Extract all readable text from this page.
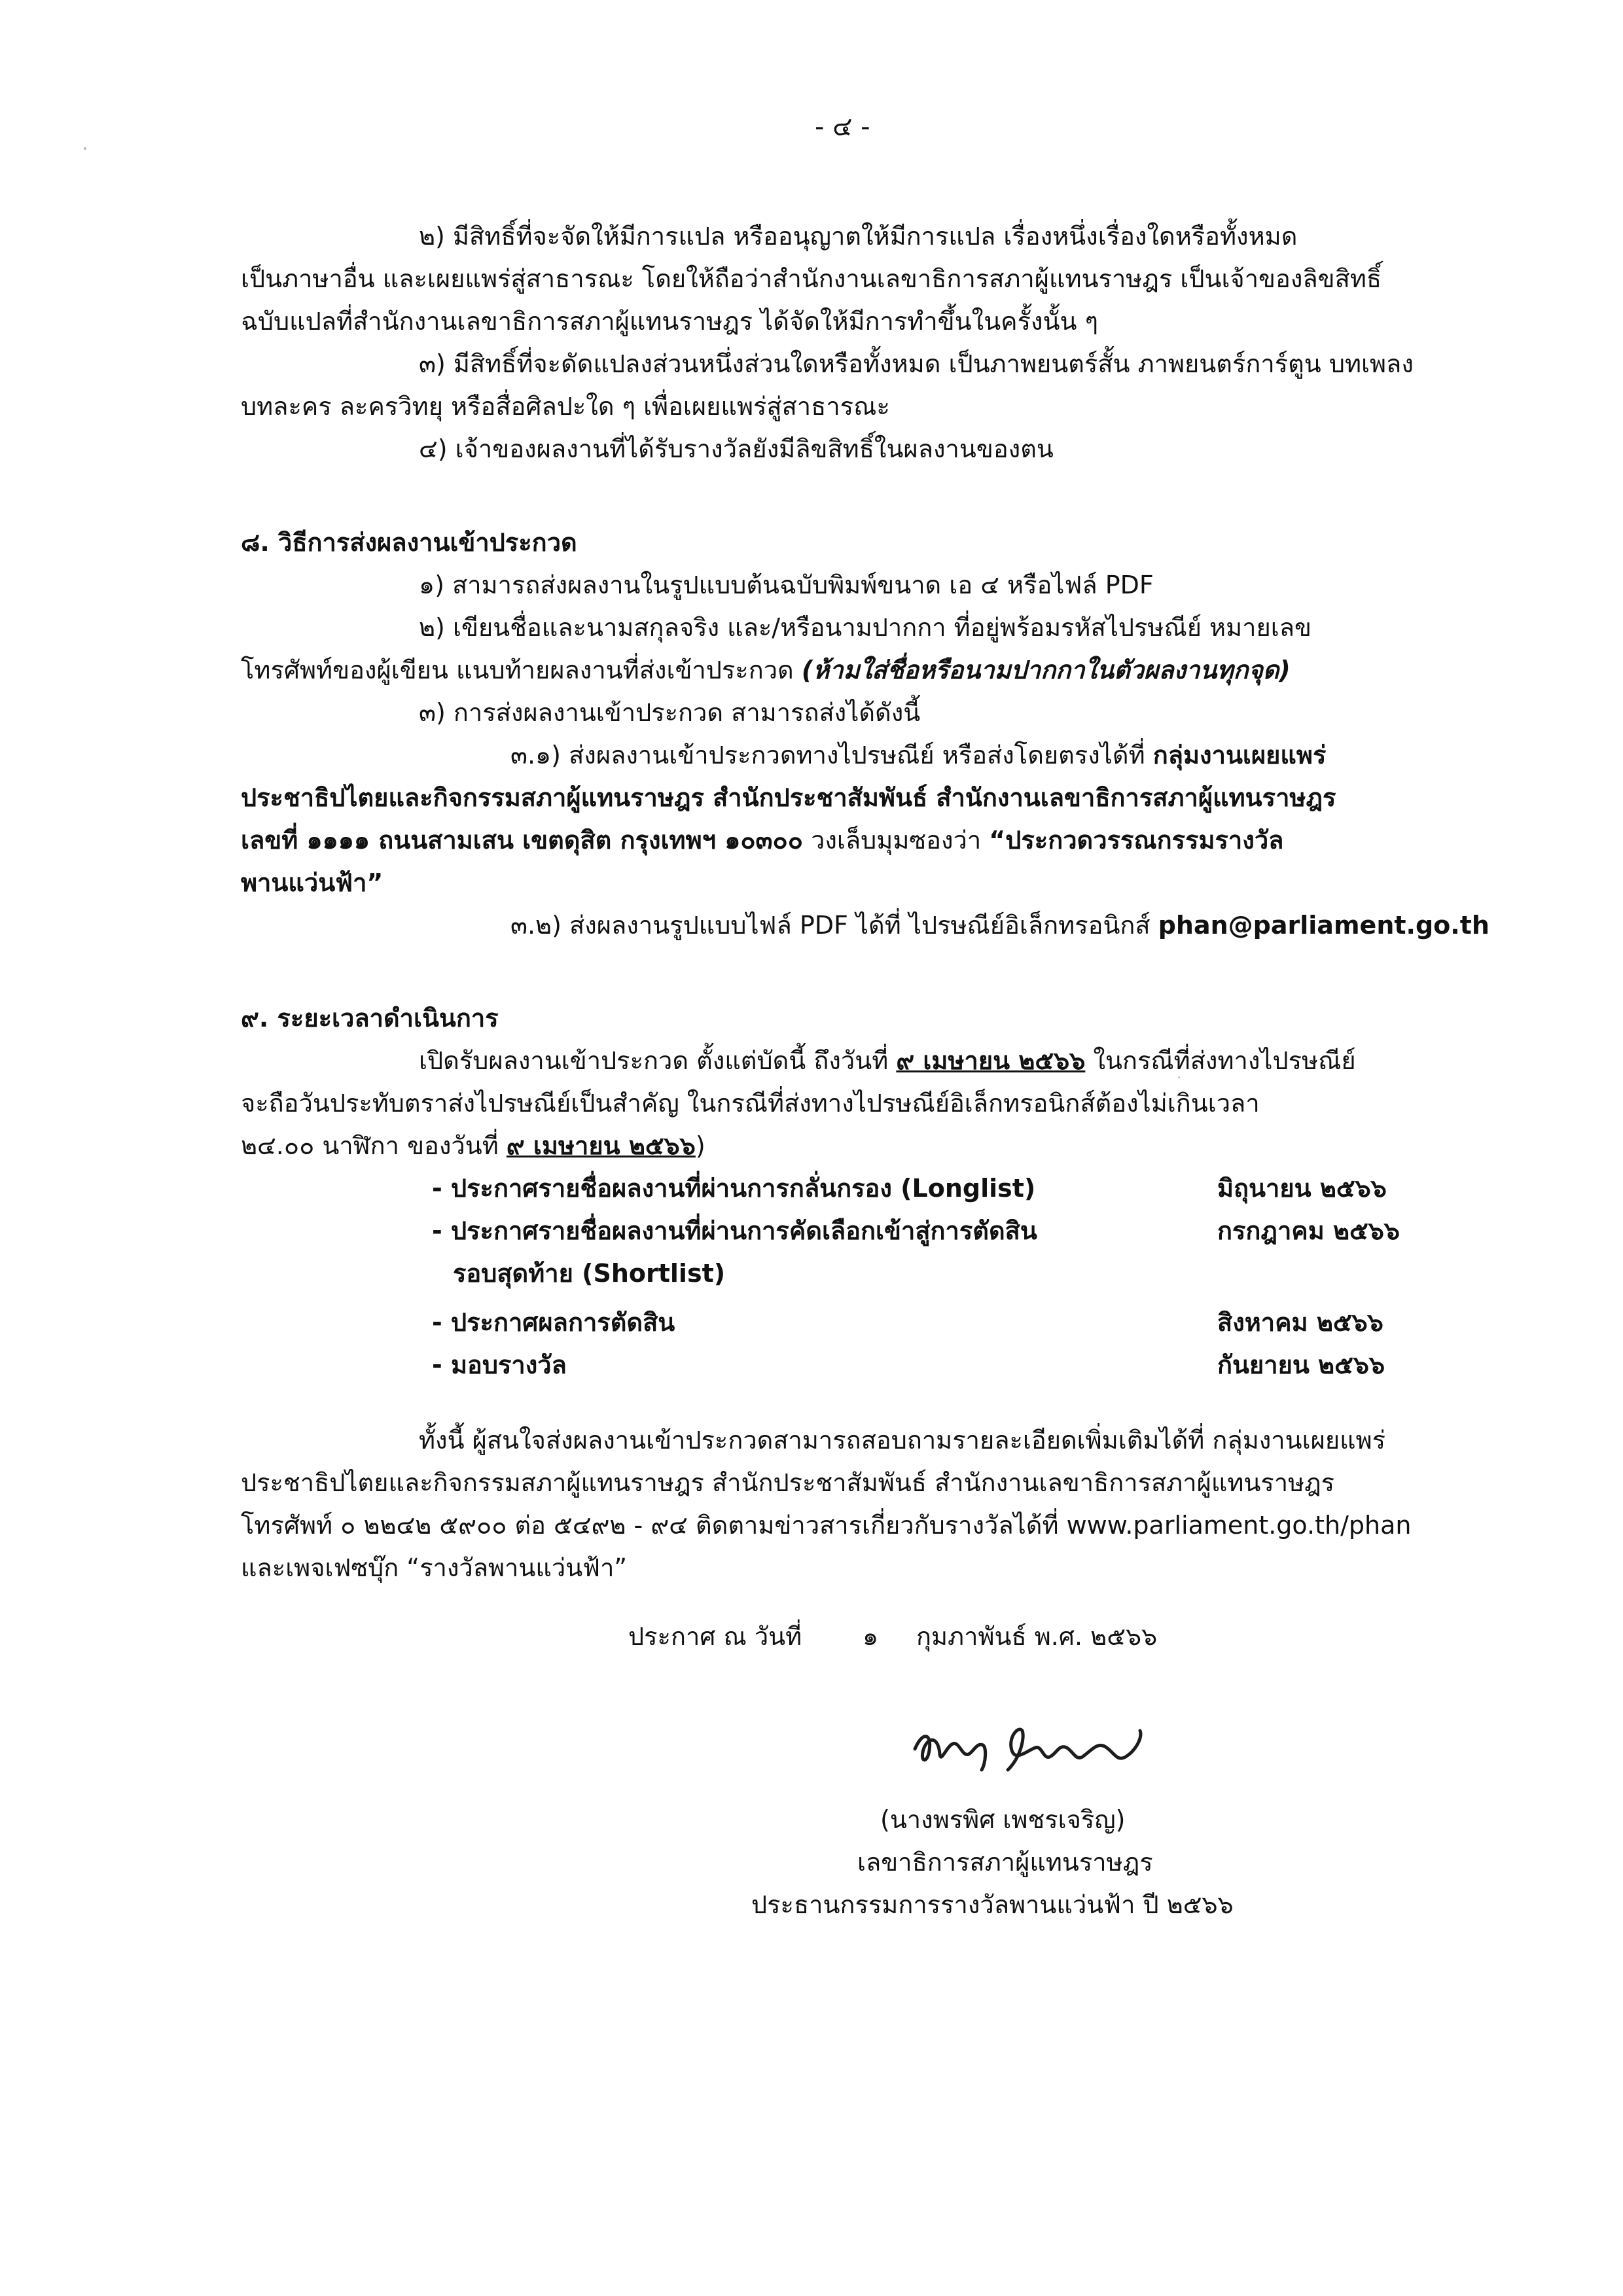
- ๔ -
๒) มีสิทธิ์ที่จะจัดให้มีการแปล หรืออนุญาตให้มีการแปล เรื่องหนึ่งเรื่องใดหรือทั้งหมด
เป็นภาษาอื่น และเผยแพร่สู่สาธารณะ โดยให้ถือว่าสำนักงานเลขาธิการสภาผู้แทนราษฎร เป็นเจ้าของลิขสิทธิ์
ฉบับแปลที่สำนักงานเลขาธิการสภาผู้แทนราษฎร ได้จัดให้มีการทำขึ้นในครั้งนั้น ๆ
๓) มีสิทธิ์ที่จะดัดแปลงส่วนหนึ่งส่วนใดหรือทั้งหมด เป็นภาพยนตร์สั้น ภาพยนตร์การ์ตูน บทเพลง
บทละคร ละครวิทยุ หรือสื่อศิลปะใด ๆ เพื่อเผยแพร่สู่สาธารณะ
๔) เจ้าของผลงานที่ได้รับรางวัลยังมีลิขสิทธิ์ในผลงานของตน
๘. วิธีการส่งผลงานเข้าประกวด
๑) สามารถส่งผลงานในรูปแบบต้นฉบับพิมพ์ขนาด เอ ๔ หรือไฟล์ PDF
๒) เขียนชื่อและนามสกุลจริง และ/หรือนามปากกา ที่อยู่พร้อมรหัสไปรษณีย์ หมายเลข
โทรศัพท์ของผู้เขียน แนบท้ายผลงานที่ส่งเข้าประกวด (ห้ามใส่ชื่อหรือนามปากกาในตัวผลงานทุกจุด)
๓) การส่งผลงานเข้าประกวด สามารถส่งได้ดังนี้
๓.๑) ส่งผลงานเข้าประกวดทางไปรษณีย์ หรือส่งโดยตรงได้ที่ กลุ่มงานเผยแพร่
ประชาธิปไตยและกิจกรรมสภาผู้แทนราษฎร สำนักประชาสัมพันธ์ สำนักงานเลขาธิการสภาผู้แทนราษฎร
เลขที่ ๑๑๑๑ ถนนสามเสน เขตดุสิต กรุงเทพฯ ๑๐๓๐๐ วงเล็บมุมซองว่า “ประกวดวรรณกรรมรางวัล
พานแว่นฟ้า”
๓.๒) ส่งผลงานรูปแบบไฟล์ PDF ได้ที่ ไปรษณีย์อิเล็กทรอนิกส์ phan@parliament.go.th
๙. ระยะเวลาดำเนินการ
เปิดรับผลงานเข้าประกวด ตั้งแต่บัดนี้ ถึงวันที่ ๙ เมษายน ๒๕๖๖ ในกรณีที่ส่งทางไปรษณีย์
จะถือวันประทับตราส่งไปรษณีย์เป็นสำคัญ ในกรณีที่ส่งทางไปรษณีย์อิเล็กทรอนิกส์ต้องไม่เกินเวลา
๒๔.๐๐ นาฬิกา ของวันที่ ๙ เมษายน ๒๕๖๖)
- ประกาศรายชื่อผลงานที่ผ่านการกลั่นกรอง (Longlist)	มิถุนายน ๒๕๖๖
- ประกาศรายชื่อผลงานที่ผ่านการคัดเลือกเข้าสู่การตัดสิน	กรกฎาคม ๒๕๖๖
รอบสุดท้าย (Shortlist)
- ประกาศผลการตัดสิน	สิงหาคม ๒๕๖๖
- มอบรางวัล	กันยายน ๒๕๖๖
ทั้งนี้ ผู้สนใจส่งผลงานเข้าประกวดสามารถสอบถามรายละเอียดเพิ่มเติมได้ที่ กลุ่มงานเผยแพร่
ประชาธิปไตยและกิจกรรมสภาผู้แทนราษฎร สำนักประชาสัมพันธ์ สำนักงานเลขาธิการสภาผู้แทนราษฎร
โทรศัพท์ ๐ ๒๒๔๒ ๕๙๐๐ ต่อ ๕๔๙๒ - ๙๔ ติดตามข่าวสารเกี่ยวกับรางวัลได้ที่ www.parliament.go.th/phan
และเพจเฟซบุ๊ก “รางวัลพานแว่นฟ้า”
ประกาศ ณ วันที่ ๑ กุมภาพันธ์ พ.ศ. ๒๕๖๖
(นางพรพิศ เพชรเจริญ)
เลขาธิการสภาผู้แทนราษฎร
ประธานกรรมการรางวัลพานแว่นฟ้า ปี ๒๕๖๖
